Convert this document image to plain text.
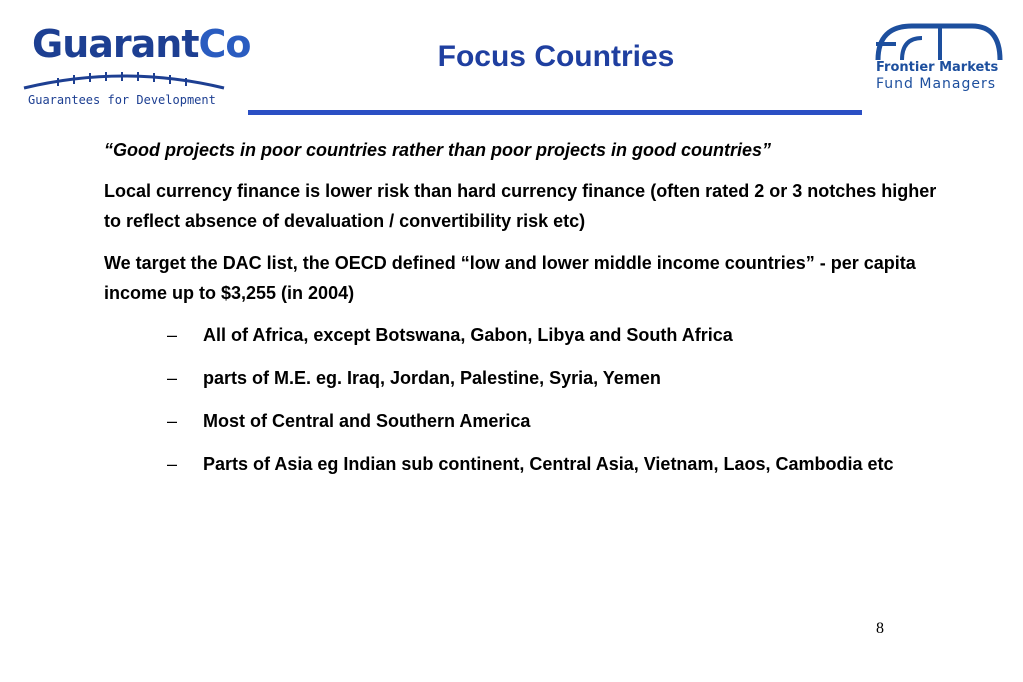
GuarantCo
Guarantees for Development
Focus Countries	Frontier Markets
Fund Managers

“Good projects in poor countries rather than poor projects in good countries”

Local currency finance is lower risk than hard currency finance (often rated 2 or 3 notches higher to reflect absence of devaluation / convertibility risk etc)

We target the DAC list, the OECD defined “low and lower middle income countries” - per capita income up to $3,255 (in 2004)

– All of Africa, except Botswana, Gabon, Libya and South Africa
– parts of M.E. eg. Iraq, Jordan, Palestine, Syria, Yemen
– Most of Central and Southern America
– Parts of Asia eg Indian sub continent, Central Asia, Vietnam, Laos, Cambodia etc
8
